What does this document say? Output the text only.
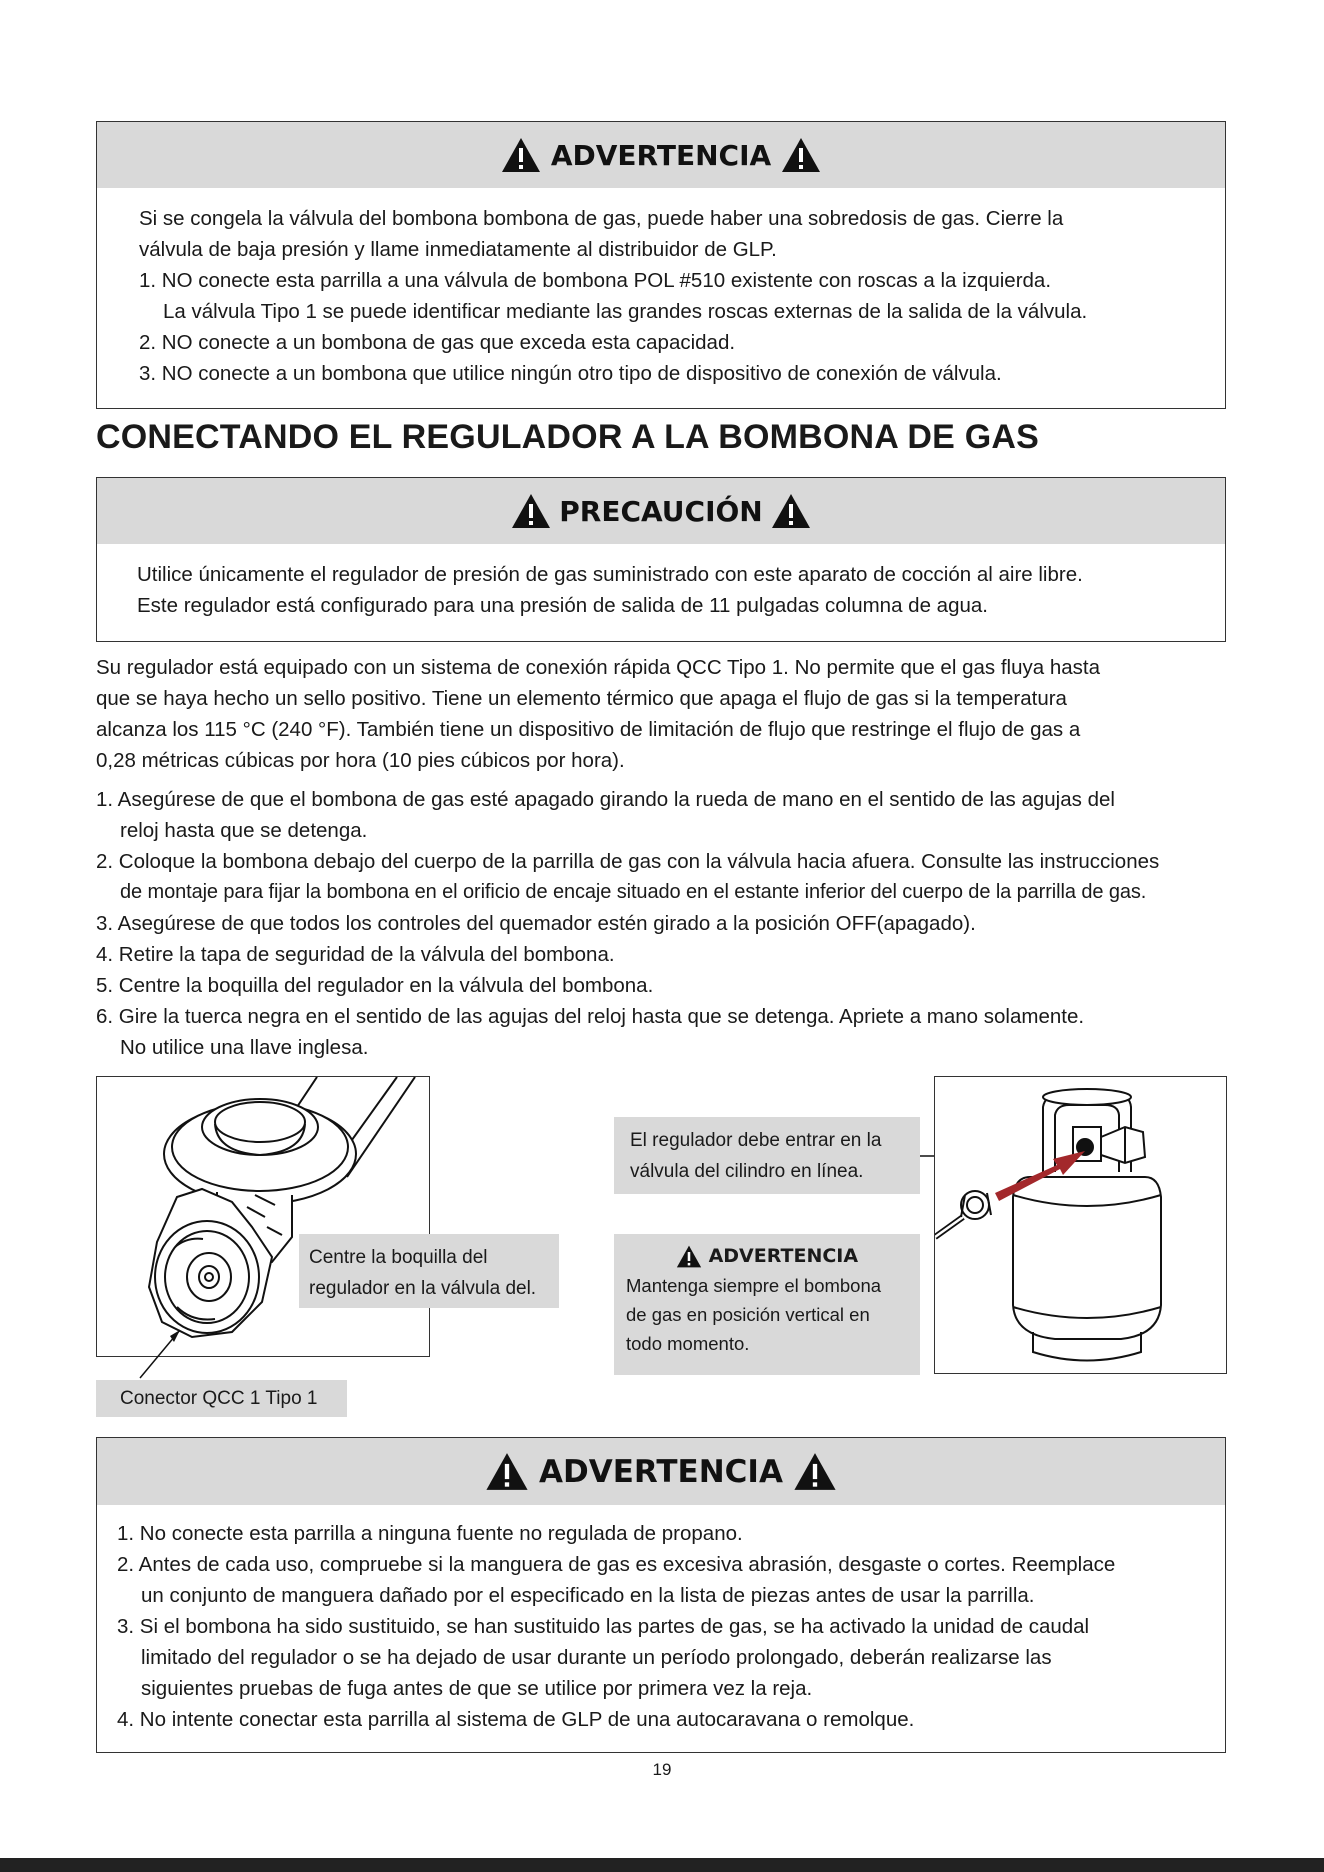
ADVERTENCIA

Si se congela la válvula del bombona bombona de gas, puede haber una sobredosis de gas. Cierre la

válvula de baja presión y llame inmediatamente al distribuidor de GLP.

1. NO conecte esta parrilla a una válvula de bombona POL #510 existente con roscas a la izquierda.

La válvula Tipo 1 se puede identificar mediante las grandes roscas externas de la salida de la válvula.

2. NO conecte a un bombona de gas que exceda esta capacidad.

3. NO conecte a un bombona que utilice ningún otro tipo de dispositivo de conexión de válvula.

CONECTANDO EL REGULADOR A LA BOMBONA DE GAS
PRECAUCIÓN

Utilice únicamente el regulador de presión de gas suministrado con este aparato de cocción al aire libre.

Este regulador está configurado para una presión de salida de 11 pulgadas columna de agua.

Su regulador está equipado con un sistema de conexión rápida QCC Tipo 1. No permite que el gas fluya hasta
que se haya hecho un sello positivo. Tiene un elemento térmico que apaga el flujo de gas si la temperatura
alcanza los 115 °C (240 °F). También tiene un dispositivo de limitación de flujo que restringe el flujo de gas a
0,28 métricas cúbicas por hora (10 pies cúbicos por hora).
1. Asegúrese de que el bombona de gas esté apagado girando la rueda de mano en el sentido de las agujas del
reloj hasta que se detenga.
2. Coloque la bombona debajo del cuerpo de la parrilla de gas con la válvula hacia afuera. Consulte las instrucciones
de montaje para fijar la bombona en el orificio de encaje situado en el estante inferior del cuerpo de la parrilla de gas.
3. Asegúrese de que todos los controles del quemador estén girado a la posición OFF(apagado).
4. Retire la tapa de seguridad de la válvula del bombona.
5. Centre la boquilla del regulador en la válvula del bombona.
6. Gire la tuerca negra en el sentido de las agujas del reloj hasta que se detenga. Apriete a mano solamente.
No utilice una llave inglesa.
Centre la boquilla del
regulador en la válvula del.
Conector QCC 1 Tipo 1
El regulador debe entrar en la
válvula del cilindro en línea.
ADVERTENCIA
Mantenga siempre el bombona
de gas en posición vertical en
todo momento.
ADVERTENCIA

1. No conecte esta parrilla a ninguna fuente no regulada de propano.

2. Antes de cada uso, compruebe si la manguera de gas es excesiva abrasión, desgaste o cortes. Reemplace

un conjunto de manguera dañado por el especificado en la lista de piezas antes de usar la parrilla.

3. Si el bombona ha sido sustituido, se han sustituido las partes de gas, se ha activado la unidad de caudal

limitado del regulador o se ha dejado de usar durante un período prolongado, deberán realizarse las

siguientes pruebas de fuga antes de que se utilice por primera vez la reja.

4. No intente conectar esta parrilla al sistema de GLP de una autocaravana o remolque.

19
